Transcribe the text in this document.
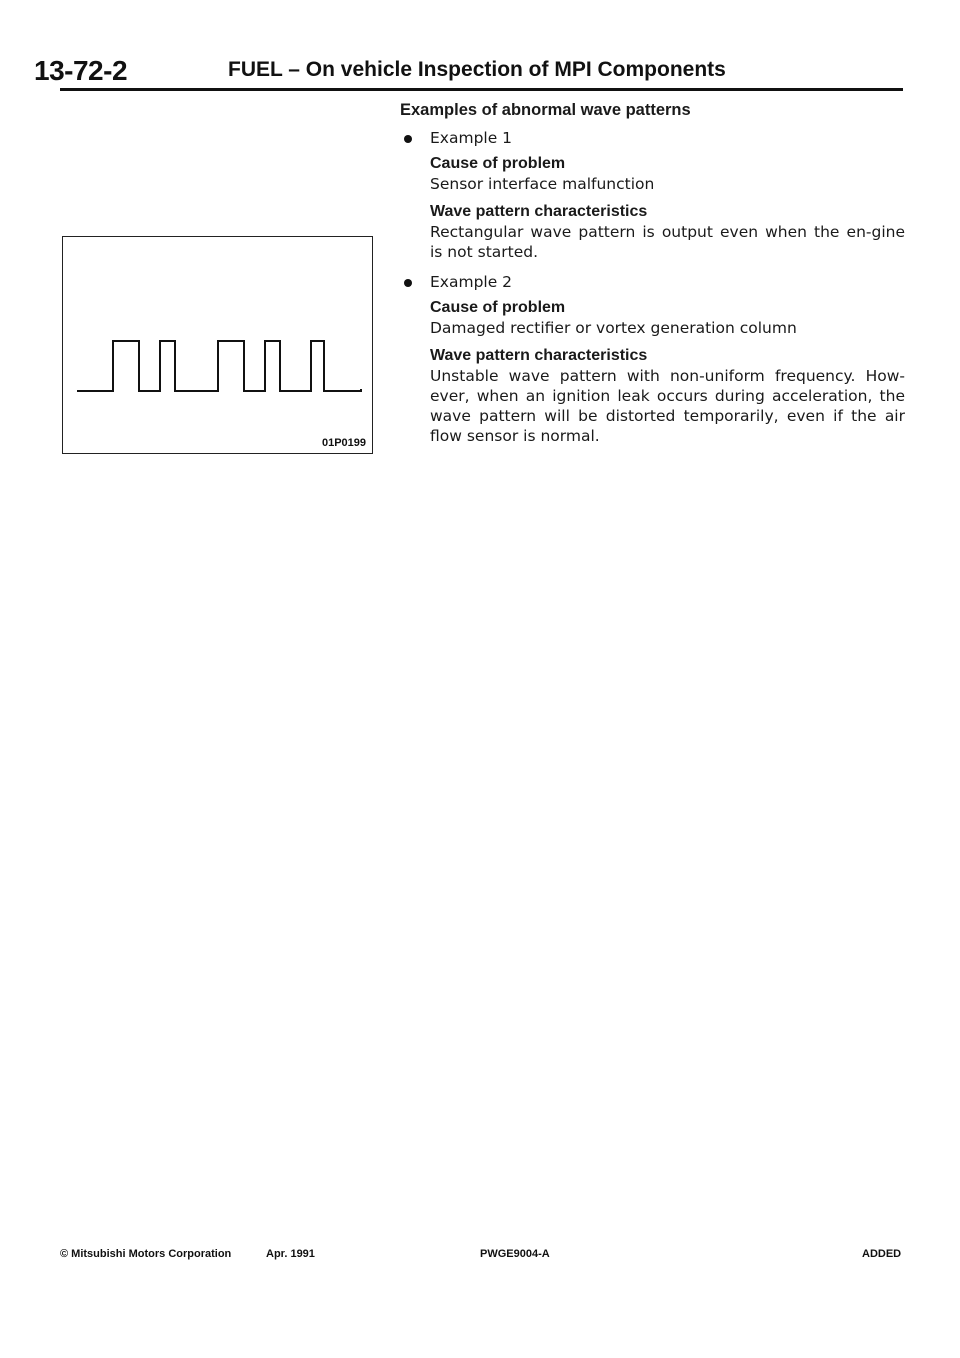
13-72-2	FUEL – On vehicle Inspection of MPI Components
01P0199
Examples of abnormal wave patterns
Example 1
Cause of problem
Sensor interface malfunction
Wave pattern characteristics
Rectangular wave pattern is output even when the en-gine is not started.
Example 2
Cause of problem
Damaged rectifier or vortex generation column
Wave pattern characteristics
Unstable wave pattern with non-uniform frequency. How-ever, when an ignition leak occurs during acceleration, the wave pattern will be distorted temporarily, even if the air flow sensor is normal.
© Mitsubishi Motors Corporation	Apr. 1991	PWGE9004-A	ADDED
